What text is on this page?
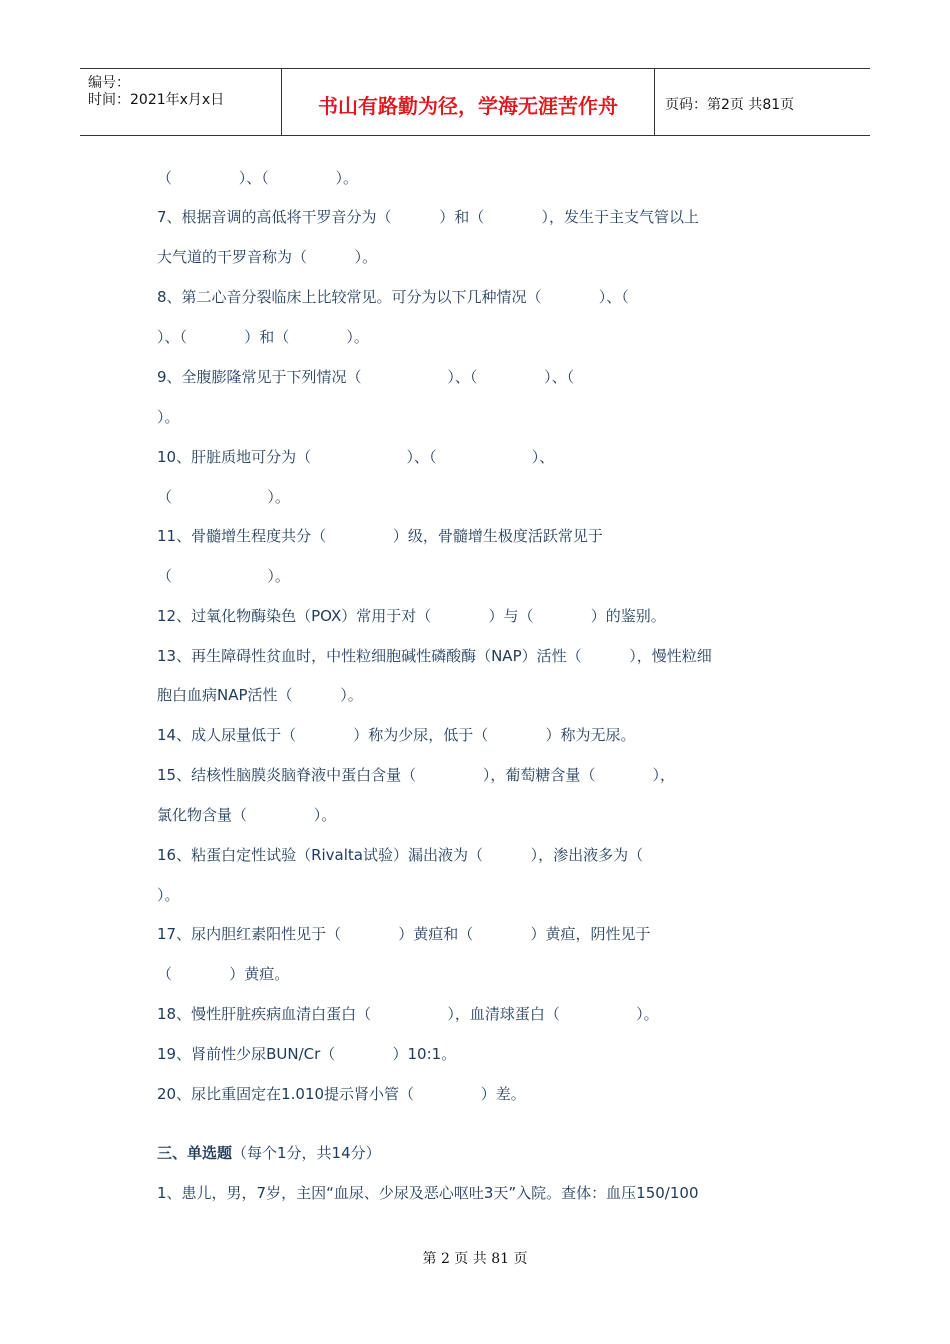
编号：
时间：2021年x月x日	书山有路勤为径，学海无涯苦作舟	页码：第2页 共81页
（              ）、（              ）。
7、根据音调的高低将干罗音分为（          ）和（            ），发生于主支气管以上
大气道的干罗音称为（          ）。
8、第二心音分裂临床上比较常见。可分为以下几种情况（            ）、（
）、（            ）和（            ）。
9、全腹膨隆常见于下列情况（                  ）、（              ）、（
）。
10、肝脏质地可分为（                    ）、（                    ）、
（                    ）。
11、骨髓增生程度共分（              ）级，骨髓增生极度活跃常见于
（                    ）。
12、过氧化物酶染色（POX）常用于对（            ）与（            ）的鉴别。
13、再生障碍性贫血时，中性粒细胞碱性磷酸酶（NAP）活性（          ），慢性粒细
胞白血病NAP活性（          ）。
14、成人尿量低于（            ）称为少尿，低于（            ）称为无尿。
15、结核性脑膜炎脑脊液中蛋白含量（              ），葡萄糖含量（            ），
氯化物含量（              ）。
16、粘蛋白定性试验（Rivalta试验）漏出液为（          ），渗出液多为（
）。
17、尿内胆红素阳性见于（            ）黄疸和（            ）黄疸，阴性见于
（            ）黄疸。
18、慢性肝脏疾病血清白蛋白（                ），血清球蛋白（                ）。
19、肾前性少尿BUN/Cr（            ）10:1。
20、尿比重固定在1.010提示肾小管（              ）差。
三、单选题（每个1分，共14分）
1、患儿，男，7岁，主因“血尿、少尿及恶心呕吐3天”入院。查体：血压150/100
第 2 页 共 81 页
